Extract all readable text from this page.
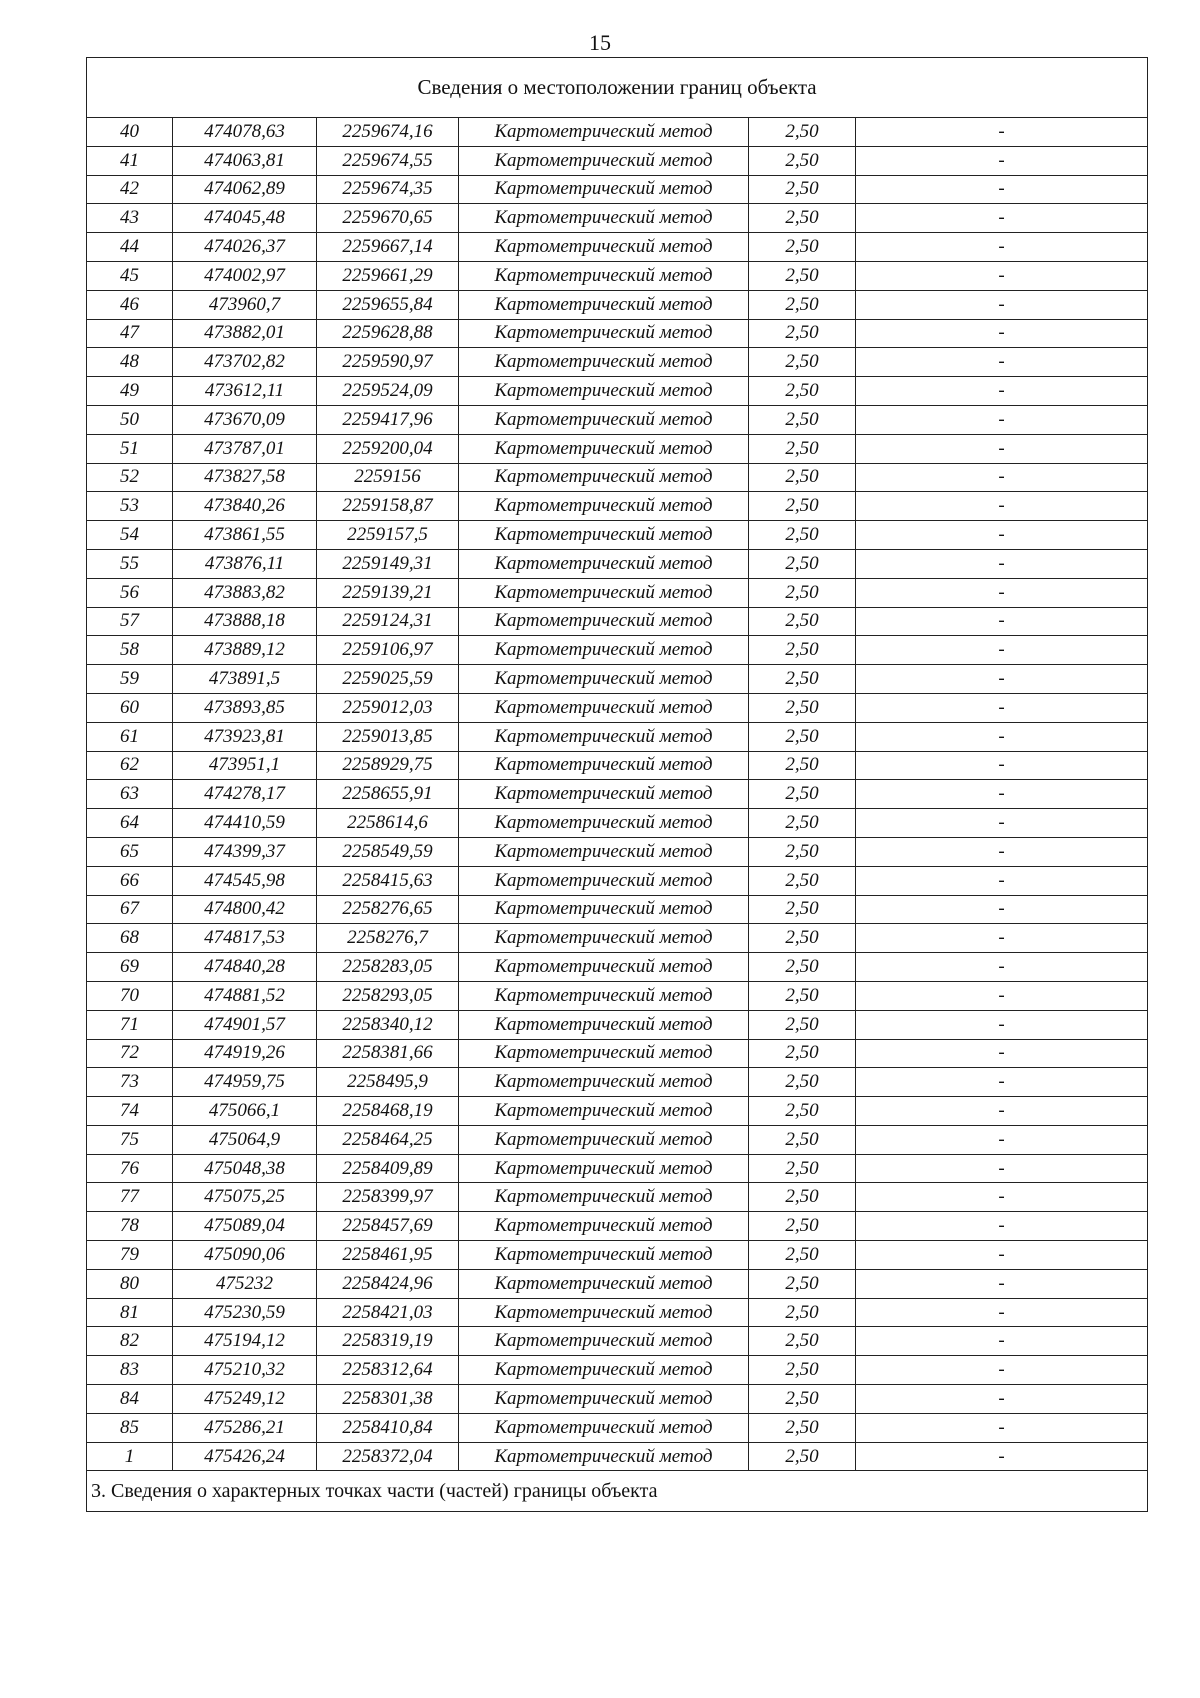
15
Сведения о местоположении границ объекта					
40	474078,63	2259674,16	Картометрический метод	2,50	-
41	474063,81	2259674,55	Картометрический метод	2,50	-
42	474062,89	2259674,35	Картометрический метод	2,50	-
43	474045,48	2259670,65	Картометрический метод	2,50	-
44	474026,37	2259667,14	Картометрический метод	2,50	-
45	474002,97	2259661,29	Картометрический метод	2,50	-
46	473960,7	2259655,84	Картометрический метод	2,50	-
47	473882,01	2259628,88	Картометрический метод	2,50	-
48	473702,82	2259590,97	Картометрический метод	2,50	-
49	473612,11	2259524,09	Картометрический метод	2,50	-
50	473670,09	2259417,96	Картометрический метод	2,50	-
51	473787,01	2259200,04	Картометрический метод	2,50	-
52	473827,58	2259156	Картометрический метод	2,50	-
53	473840,26	2259158,87	Картометрический метод	2,50	-
54	473861,55	2259157,5	Картометрический метод	2,50	-
55	473876,11	2259149,31	Картометрический метод	2,50	-
56	473883,82	2259139,21	Картометрический метод	2,50	-
57	473888,18	2259124,31	Картометрический метод	2,50	-
58	473889,12	2259106,97	Картометрический метод	2,50	-
59	473891,5	2259025,59	Картометрический метод	2,50	-
60	473893,85	2259012,03	Картометрический метод	2,50	-
61	473923,81	2259013,85	Картометрический метод	2,50	-
62	473951,1	2258929,75	Картометрический метод	2,50	-
63	474278,17	2258655,91	Картометрический метод	2,50	-
64	474410,59	2258614,6	Картометрический метод	2,50	-
65	474399,37	2258549,59	Картометрический метод	2,50	-
66	474545,98	2258415,63	Картометрический метод	2,50	-
67	474800,42	2258276,65	Картометрический метод	2,50	-
68	474817,53	2258276,7	Картометрический метод	2,50	-
69	474840,28	2258283,05	Картометрический метод	2,50	-
70	474881,52	2258293,05	Картометрический метод	2,50	-
71	474901,57	2258340,12	Картометрический метод	2,50	-
72	474919,26	2258381,66	Картометрический метод	2,50	-
73	474959,75	2258495,9	Картометрический метод	2,50	-
74	475066,1	2258468,19	Картометрический метод	2,50	-
75	475064,9	2258464,25	Картометрический метод	2,50	-
76	475048,38	2258409,89	Картометрический метод	2,50	-
77	475075,25	2258399,97	Картометрический метод	2,50	-
78	475089,04	2258457,69	Картометрический метод	2,50	-
79	475090,06	2258461,95	Картометрический метод	2,50	-
80	475232	2258424,96	Картометрический метод	2,50	-
81	475230,59	2258421,03	Картометрический метод	2,50	-
82	475194,12	2258319,19	Картометрический метод	2,50	-
83	475210,32	2258312,64	Картометрический метод	2,50	-
84	475249,12	2258301,38	Картометрический метод	2,50	-
85	475286,21	2258410,84	Картометрический метод	2,50	-
1	475426,24	2258372,04	Картометрический метод	2,50	-
3. Сведения о характерных точках части (частей) границы объекта					
